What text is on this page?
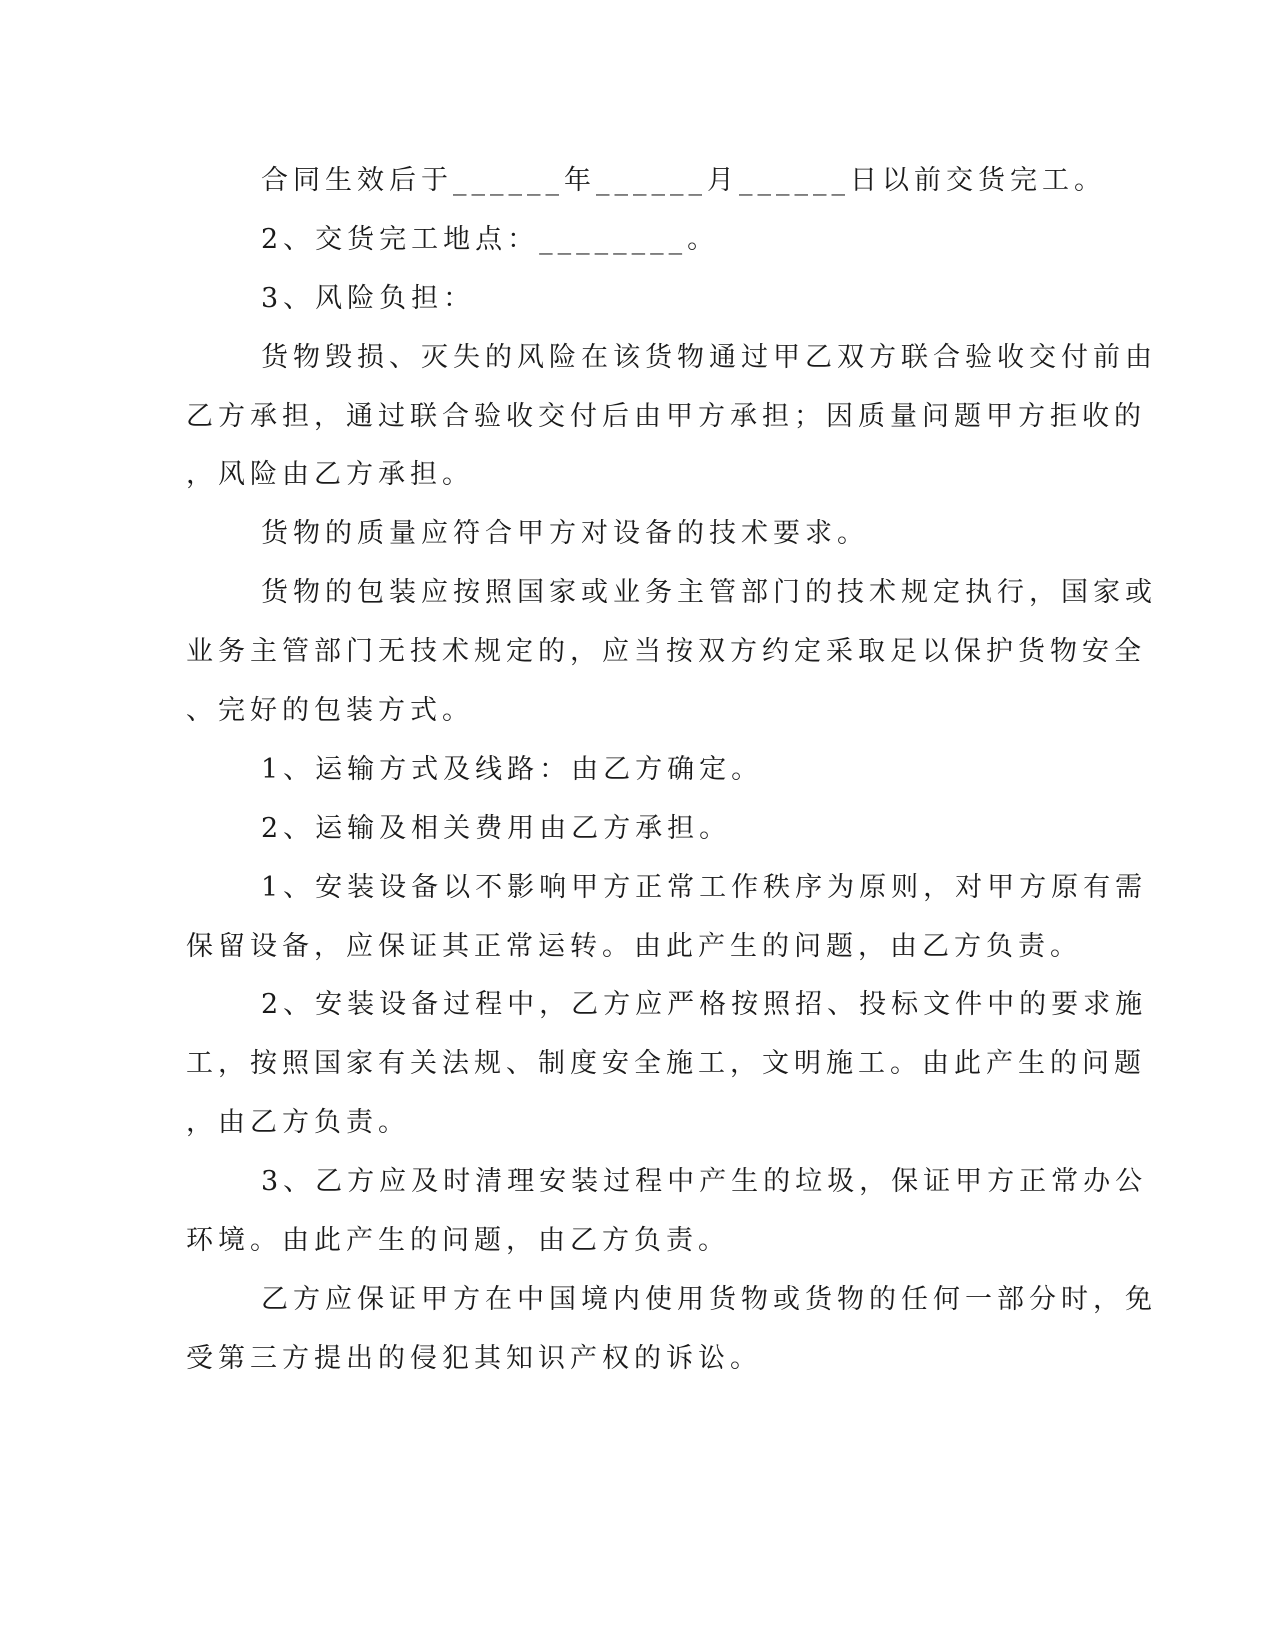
合同生效后于______年______月______日以前交货完工。
2、交货完工地点：________。
3、风险负担：
货物毁损、灭失的风险在该货物通过甲乙双方联合验收交付前由
乙方承担，通过联合验收交付后由甲方承担；因质量问题甲方拒收的
，风险由乙方承担。
货物的质量应符合甲方对设备的技术要求。
货物的包装应按照国家或业务主管部门的技术规定执行，国家或
业务主管部门无技术规定的，应当按双方约定采取足以保护货物安全
、完好的包装方式。
1、运输方式及线路：由乙方确定。
2、运输及相关费用由乙方承担。
1、安装设备以不影响甲方正常工作秩序为原则，对甲方原有需
保留设备，应保证其正常运转。由此产生的问题，由乙方负责。
2、安装设备过程中，乙方应严格按照招、投标文件中的要求施
工，按照国家有关法规、制度安全施工，文明施工。由此产生的问题
，由乙方负责。
3、乙方应及时清理安装过程中产生的垃圾，保证甲方正常办公
环境。由此产生的问题，由乙方负责。
乙方应保证甲方在中国境内使用货物或货物的任何一部分时，免
受第三方提出的侵犯其知识产权的诉讼。
